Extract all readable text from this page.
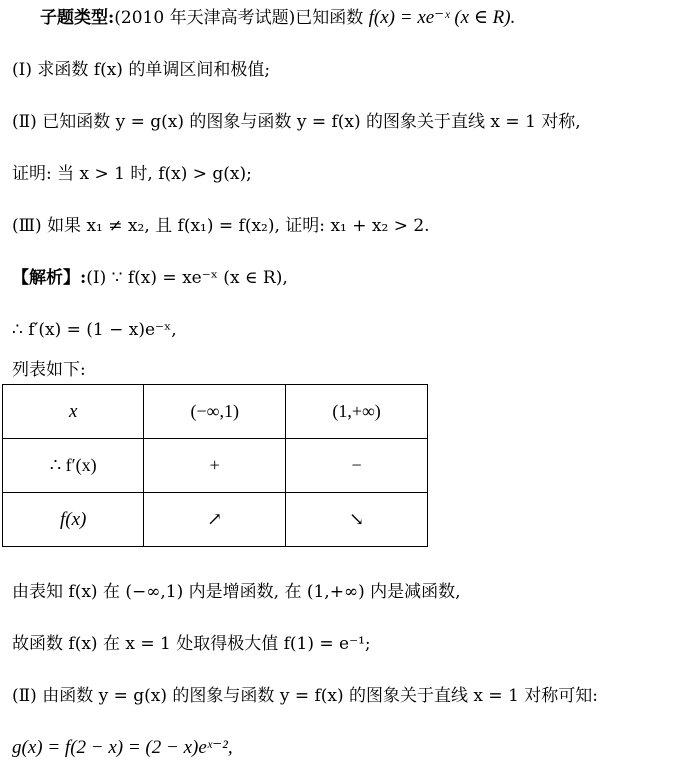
子题类型:(2010 年天津高考试题)已知函数 f(x) = xe⁻ˣ (x ∈ R).
(Ⅰ) 求函数 f(x) 的单调区间和极值;
(Ⅱ) 已知函数 y = g(x) 的图象与函数 y = f(x) 的图象关于直线 x = 1 对称,
证明: 当 x > 1 时, f(x) > g(x);
(Ⅲ) 如果 x₁ ≠ x₂, 且 f(x₁) = f(x₂), 证明: x₁ + x₂ > 2.
【解析】:(Ⅰ) ∵ f(x) = xe⁻ˣ (x ∈ R),
∴ f′(x) = (1 − x)e⁻ˣ,
列表如下:
x	(−∞,1)	(1,+∞)
∴ f′(x)	+	−
f(x)	↗	↘
由表知 f(x) 在 (−∞,1) 内是增函数, 在 (1,+∞) 内是减函数,
故函数 f(x) 在 x = 1 处取得极大值 f(1) = e⁻¹;
(Ⅱ) 由函数 y = g(x) 的图象与函数 y = f(x) 的图象关于直线 x = 1 对称可知:
g(x) = f(2 − x) = (2 − x)eˣ⁻²,
